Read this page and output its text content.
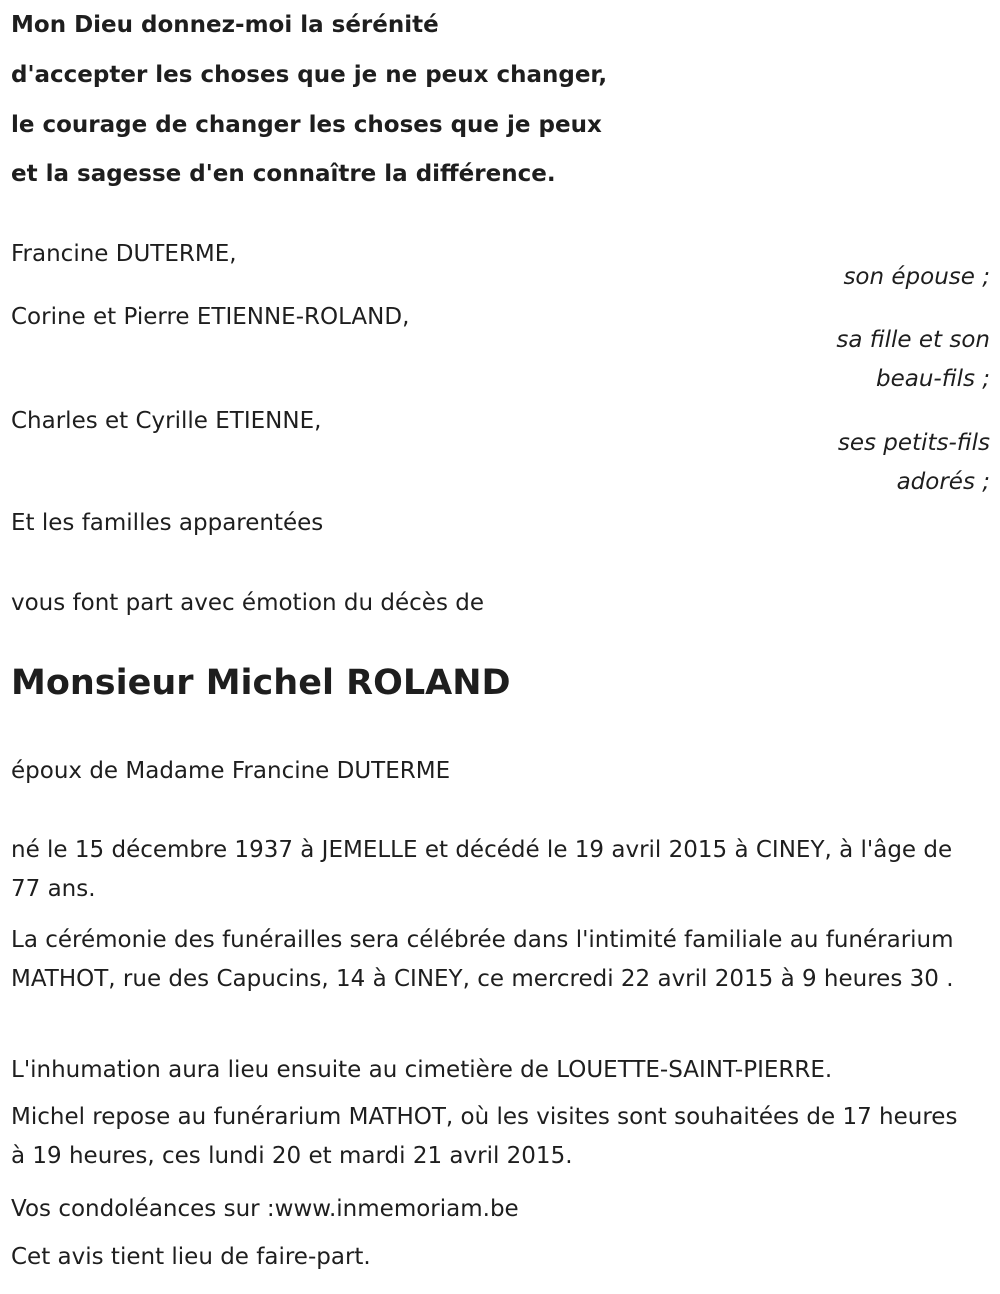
Mon Dieu donnez-moi la sérénité
d'accepter les choses que je ne peux changer,
le courage de changer les choses que je peux
et la sagesse d'en connaître la différence.
Francine DUTERME,
son épouse ;
Corine et Pierre ETIENNE-ROLAND,
sa fille et son beau-fils ;
Charles et Cyrille ETIENNE,
ses petits-fils adorés ;
Et les familles apparentées
vous font part avec émotion du décès de
Monsieur Michel ROLAND
époux de Madame Francine DUTERME
né le 15 décembre 1937 à JEMELLE et décédé le 19 avril 2015 à CINEY, à l'âge de 77 ans.
La cérémonie des funérailles sera célébrée dans l'intimité familiale au funérarium MATHOT, rue des Capucins, 14 à CINEY, ce mercredi 22 avril 2015 à 9 heures 30 .
L'inhumation aura lieu ensuite au cimetière de LOUETTE-SAINT-PIERRE.
Michel repose au funérarium MATHOT, où les visites sont souhaitées de 17 heures à 19 heures, ces lundi 20 et mardi 21 avril 2015.
Vos condoléances sur :www.inmemoriam.be
Cet avis tient lieu de faire-part.
